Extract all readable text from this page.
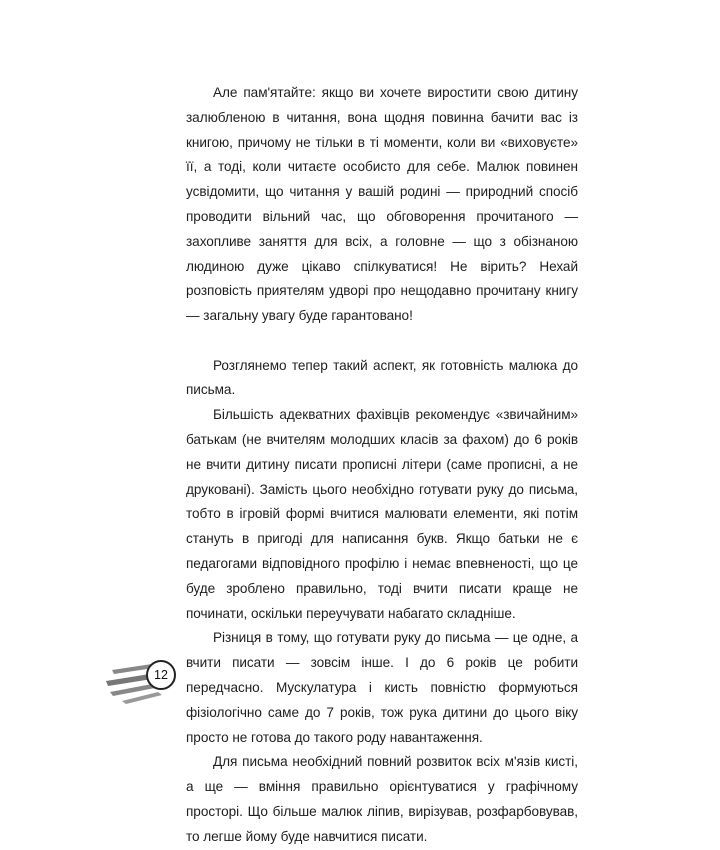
Але пам'ятайте: якщо ви хочете виростити свою дитину залюбленою в читання, вона щодня повинна бачити вас із книгою, причому не тільки в ті моменти, коли ви «виховуєте» її, а тоді, коли читаєте особисто для себе. Малюк повинен усвідомити, що читання у вашій родині — природний спосіб проводити вільний час, що обговорення прочитаного — захопливе заняття для всіх, а головне — що з обізнаною людиною дуже цікаво спілкуватися! Не вірить? Нехай розповість приятелям удворі про нещодавно прочитану книгу — загальну увагу буде гарантовано!

Розглянемо тепер такий аспект, як готовність малюка до письма.

Більшість адекватних фахівців рекомендує «звичайним» батькам (не вчителям молодших класів за фахом) до 6 років не вчити дитину писати прописні літери (саме прописні, а не друковані). Замість цього необхідно готувати руку до письма, тобто в ігровій формі вчитися малювати елементи, які потім стануть в пригоді для написання букв. Якщо батьки не є педагогами відповідного профілю і немає впевненості, що це буде зроблено правильно, тоді вчити писати краще не починати, оскільки переучувати набагато складніше.

Різниця в тому, що готувати руку до письма — це одне, а вчити писати — зовсім інше. І до 6 років це робити передчасно. Мускулатура і кисть повністю формуються фізіологічно саме до 7 років, тож рука дитини до цього віку просто не готова до такого роду навантаження.

Для письма необхідний повний розвиток всіх м'язів кисті, а ще — вміння правильно орієнтуватися у графічному просторі. Що більше малюк ліпив, вирізував, розфарбовував, то легше йому буде навчитися писати.

12
